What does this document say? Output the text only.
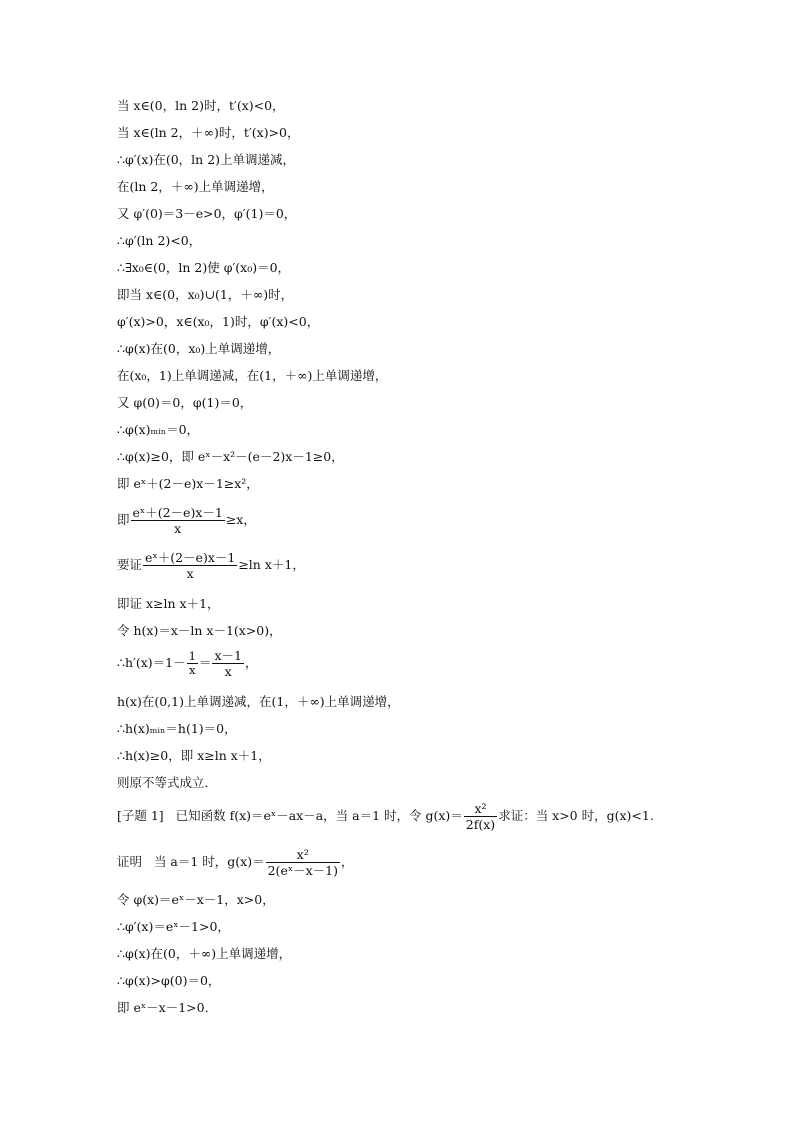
当 x∈(0，ln 2)时，t′(x)<0，
当 x∈(ln 2，＋∞)时，t′(x)>0，
∴φ′(x)在(0，ln 2)上单调递减，
在(ln 2，＋∞)上单调递增，
又 φ′(0)＝3－e>0，φ′(1)＝0，
∴φ′(ln 2)<0，
∴∃x₀∈(0，ln 2)使 φ′(x₀)＝0，
即当 x∈(0，x₀)∪(1，＋∞)时，
φ′(x)>0，x∈(x₀，1)时，φ′(x)<0，
∴φ(x)在(0，x₀)上单调递增，
在(x₀，1)上单调递减，在(1，＋∞)上单调递增，
又 φ(0)＝0，φ(1)＝0，
∴φ(x)ₘᵢₙ＝0，
∴φ(x)≥0，即 eˣ－x²－(e－2)x－1≥0，
即 eˣ＋(2－e)x－1≥x²，
即 $\frac{\text{eˣ＋(2－e)x－1}}{x} \ge x$，
要证 $\frac{\text{eˣ＋(2－e)x－1}}{x} \ge\ln$ x＋1，
即证 x≥ln x＋1，
令 h(x)＝x－ln x－1(x>0)，
∴h′(x)＝1－ $\frac{1}{x} = \frac{x-1}{x}$ ，
h(x)在(0,1)上单调递减，在(1，＋∞)上单调递增，
∴h(x)ₘᵢₙ＝h(1)＝0，
∴h(x)≥0，即 x≥ln x＋1，
则原不等式成立．
[子题 1] 已知函数 f(x)＝eˣ－ax－a，当 a＝1 时，令 $g(x)= \frac{\text{x²}}{2f(x)}$ 求证：当 x>0 时，g(x)<1.
证明 当 a＝1 时，$g(x)= \frac{\text{x²}}{\text{2(eˣ－x－1)}}$ ，
令 φ(x)＝eˣ－x－1，x>0，
∴φ′(x)＝eˣ－1>0，
∴φ(x)在(0，＋∞)上单调递增，
∴φ(x)>φ(0)＝0，
即 eˣ－x－1>0.
